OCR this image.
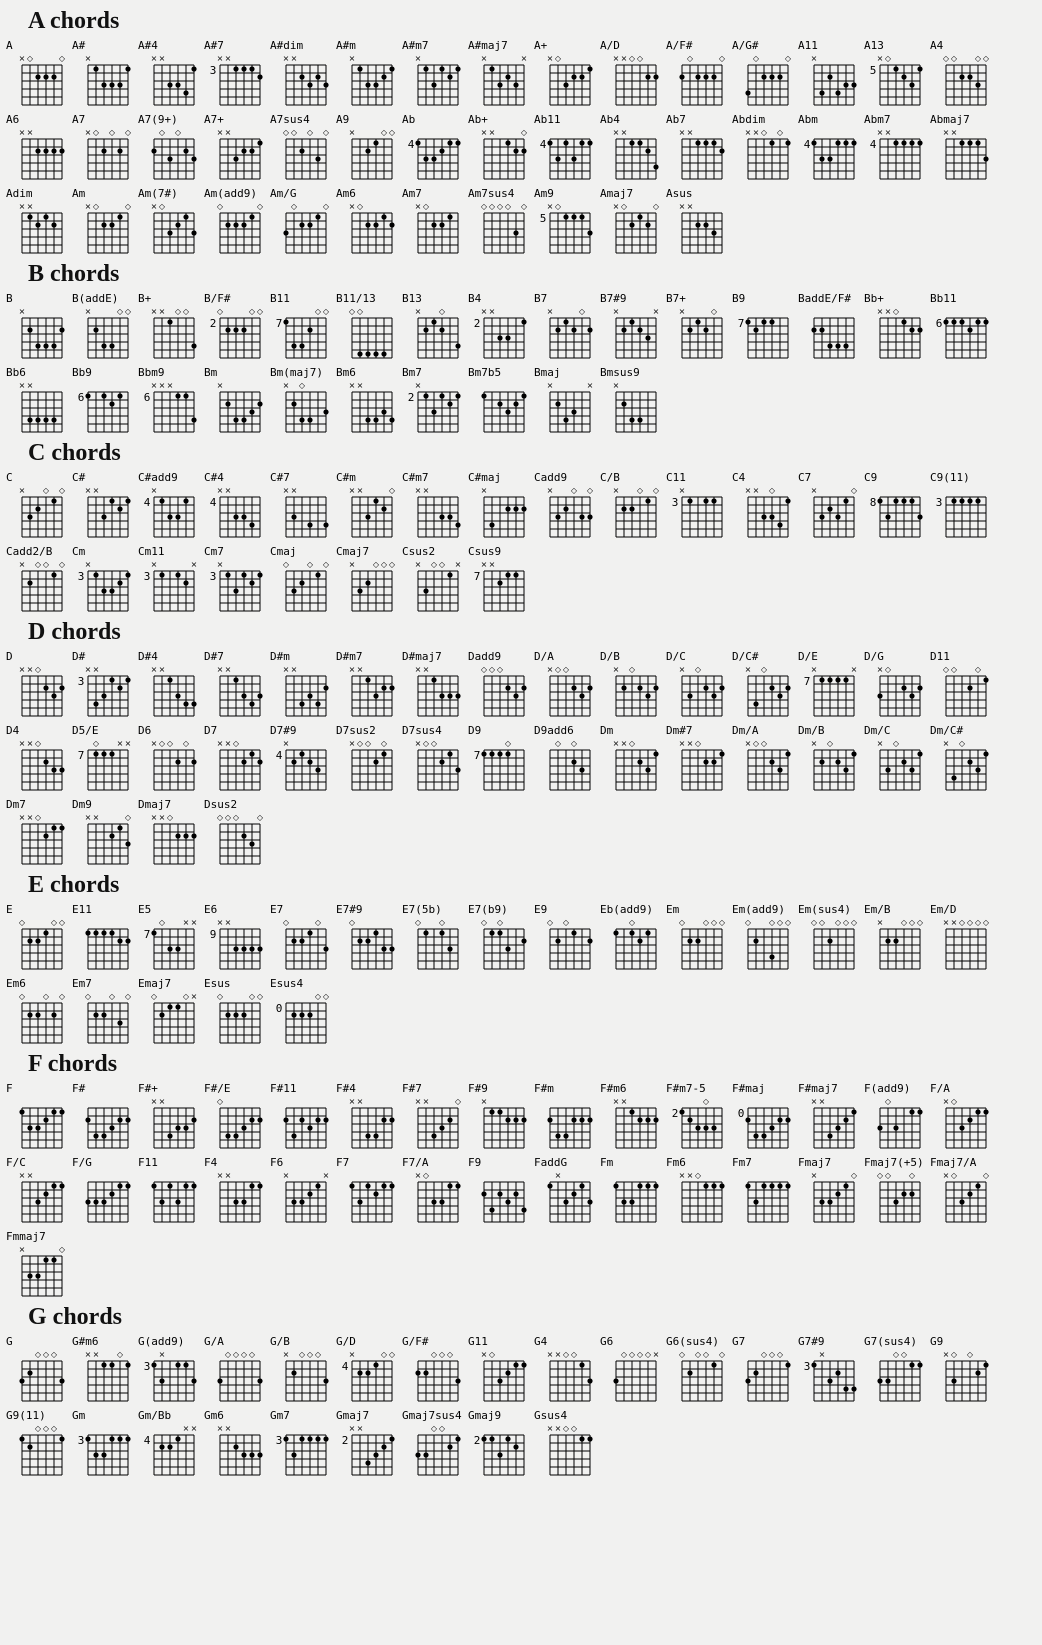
A chords
A
× ◇	◇
A#
×
A#4
× ×
A#7
3
× ×
A#dim
× ×
A#m
×
A#m7
×
A#maj7
×	×
A+
× ◇
A/D
× × ◇ ◇
A/F#
◇	◇
A/G#
◇	◇
A11
×
A13
5
× ◇
A4
◇ ◇ ◇ ◇
A6
× ×
A7
× ◇ ◇ ◇
A7(9+)
◇ ◇
A7+
× ×
A7sus4
◇ ◇ ◇ ◇
A9
×	◇ ◇
Ab
4
Ab+
× ×	◇
Ab11
4
Ab4
× ×
Ab7
× ×
Abdim
× × ◇ ◇
Abm
4
Abm7
4
× ×
Abmaj7
× ×
Adim
× ×
Am
× ◇	◇
Am(7#)
× ◇
Am(add9)
◇	◇
Am/G
◇	◇
Am6
× ◇
Am7
× ◇
Am7sus4
◇ ◇ ◇ ◇ ◇
Am9
5
× ◇
Amaj7
× ◇	◇
Asus
× ×
B chords
B
×
B(addE)
×	◇ ◇
B+
× × ◇ ◇
B/F#
2
◇	◇ ◇
B11
7
◇ ◇
B11/13
◇ ◇
B13
× ◇
B4
2
× ×
B7
×	◇
B7#9
×	×
B7+
×	◇
B9
7
BaddE/F#	Bb+
× × ◇
Bb11
6
Bb6
× ×
Bb9
6
Bbm9
6
× × ×
Bm
×
Bm(maj7)
× ◇
Bm6
× ×
Bm7
2
×
Bm7b5	Bmaj
×	×
Bmsus9
×
C chords
C
× ◇ ◇
C#
× ×
C#add9
4
×
C#4
4
× ×
C#7
× ×
C#m
× ×	◇
C#m7
× ×
C#maj
×
Cadd9
× ◇ ◇
C/B
× ◇ ◇
C11
3
×
C4
× × ◇
C7
×	◇
C9
8
C9(11)
3
Cadd2/B
× ◇ ◇ ◇
Cm
3
×
Cm11
3
×	×
Cm7
3
×
Cmaj
◇ ◇ ◇
Cmaj7
× ◇ ◇ ◇
Csus2
× ◇ ◇ ×
Csus9
7
× ×
D chords
D
× × ◇
D#
3
× ×
D#4
× ×
D#7
× ×
D#m
× ×
D#m7
× ×
D#maj7
× ×
Dadd9
◇ ◇ ◇
D/A
× ◇ ◇
D/B
× ◇
D/C
× ◇
D/C#
× ◇
D/E
7
×	×
D/G
× ◇
D11
◇ ◇ ◇
D4
× × ◇
D5/E
7
◇ × ×
D6
× ◇ ◇ ◇
D7
× × ◇
D7#9
4
×
D7sus2
× ◇ ◇ ◇
D7sus4
× ◇ ◇
D9
7
◇
D9add6
◇ ◇
Dm
× × ◇
Dm#7
× × ◇
Dm/A
× ◇ ◇
Dm/B
× ◇
Dm/C
× ◇
Dm/C#
× ◇
Dm7
× × ◇
Dm9
× ×	◇
Dmaj7
× × ◇
Dsus2
◇ ◇ ◇ ◇
E chords
E
◇	◇ ◇
E11	E5
7
◇ × ×
E6
9
× ×
E7
◇	◇
E7#9
◇
E7(5b)
◇ ◇
E7(b9)
◇ ◇
E9
◇ ◇
Eb(add9)
◇
Em
◇ ◇ ◇ ◇
Em(add9)
◇ ◇ ◇ ◇
Em(sus4)
◇ ◇ ◇ ◇ ◇
Em/B
× ◇ ◇ ◇
Em/D
× × ◇ ◇ ◇ ◇
Em6
◇ ◇ ◇
Em7
◇ ◇ ◇
Emaj7
◇	◇ ×
Esus
◇	◇ ◇
Esus4
0
◇ ◇
F chords
F	F#	F#+
× ×
F#/E
◇
F#11	F#4
× ×
F#7
× ×	◇
F#9
×
F#m	F#m6
× ×
F#m7-5
2
◇
F#maj
0
F#maj7
× ×
F(add9)
◇
F/A
× ◇
F/C
× ×
F/G	F11	F4
× ×
F6
×	×
F7	F7/A
× ◇
F9	FaddG
×
Fm	Fm6
× × ◇
Fm7	Fmaj7
×	◇
Fmaj7(+5)
◇ ◇ ◇
Fmaj7/A
× ◇	◇
Fmmaj7
×	◇
G chords
G
◇ ◇ ◇
G#m6
× × ◇
G(add9)
3
×
G/A
◇ ◇ ◇ ◇
G/B
× ◇ ◇ ◇
G/D
4
×	◇ ◇
G/F#
◇ ◇ ◇
G11
× ◇
G4
× × ◇ ◇
G6
◇ ◇ ◇ ◇ ×
G6(sus4)
◇ ◇ ◇ ◇
G7
◇ ◇ ◇
G7#9
3
×
G7(sus4)
◇ ◇
G9
× ◇ ◇
G9(11)
◇ ◇ ◇
Gm
3
Gm/Bb
4
× ×
Gm6
× ×
Gm7
3
Gmaj7
2
× ×
Gmaj7sus4
◇ ◇
Gmaj9
2
Gsus4
× × ◇ ◇
